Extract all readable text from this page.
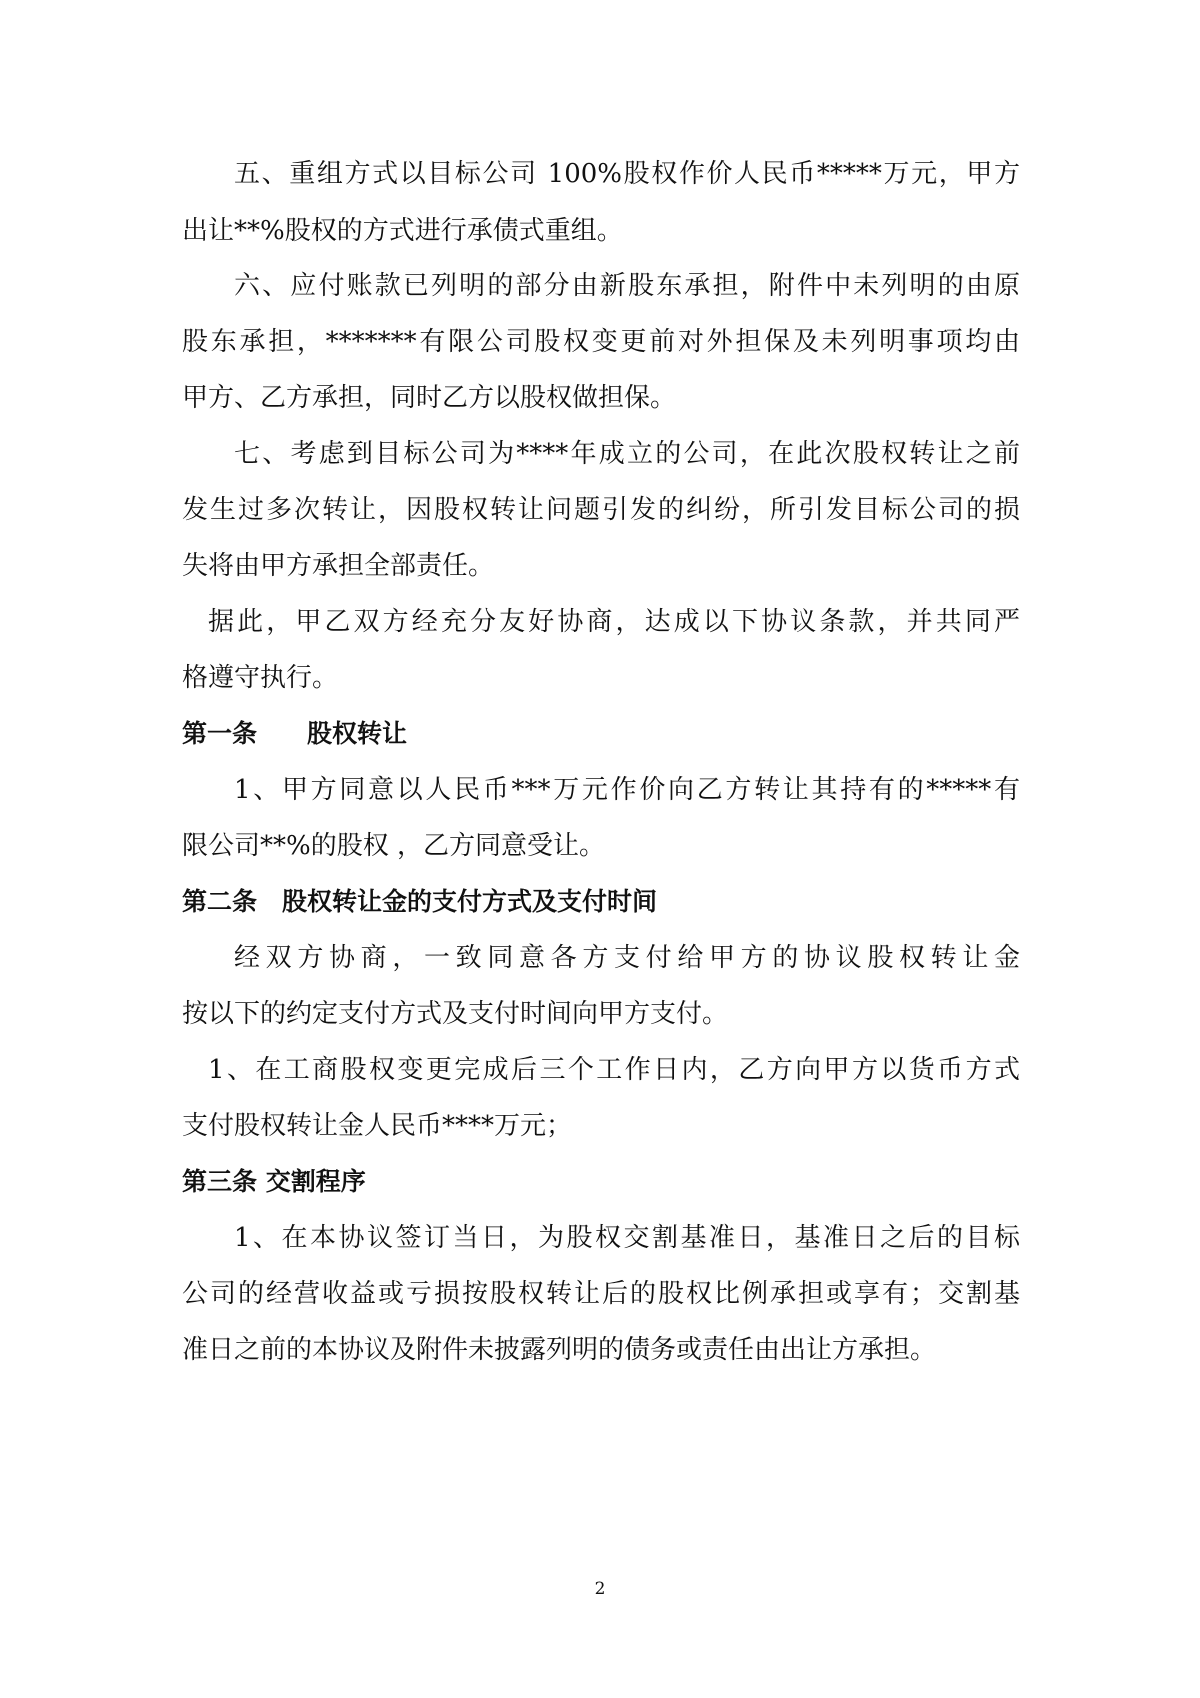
五、重组方式以目标公司 100%股权作价人民币*****万元，甲方
出让**%股权的方式进行承债式重组。
六、应付账款已列明的部分由新股东承担，附件中未列明的由原
股东承担，*******有限公司股权变更前对外担保及未列明事项均由
甲方、乙方承担，同时乙方以股权做担保。
七、考虑到目标公司为****年成立的公司，在此次股权转让之前
发生过多次转让，因股权转让问题引发的纠纷，所引发目标公司的损
失将由甲方承担全部责任。
据此，甲乙双方经充分友好协商，达成以下协议条款，并共同严
格遵守执行。
第一条　　股权转让
1、甲方同意以人民币***万元作价向乙方转让其持有的*****有
限公司**%的股权 ，乙方同意受让。
第二条　股权转让金的支付方式及支付时间
经双方协商，一致同意各方支付给甲方的协议股权转让金
按以下的约定支付方式及支付时间向甲方支付。
1、在工商股权变更完成后三个工作日内，乙方向甲方以货币方式
支付股权转让金人民币****万元；
第三条 交割程序
1、在本协议签订当日，为股权交割基准日，基准日之后的目标
公司的经营收益或亏损按股权转让后的股权比例承担或享有；交割基
准日之前的本协议及附件未披露列明的债务或责任由出让方承担。
2
